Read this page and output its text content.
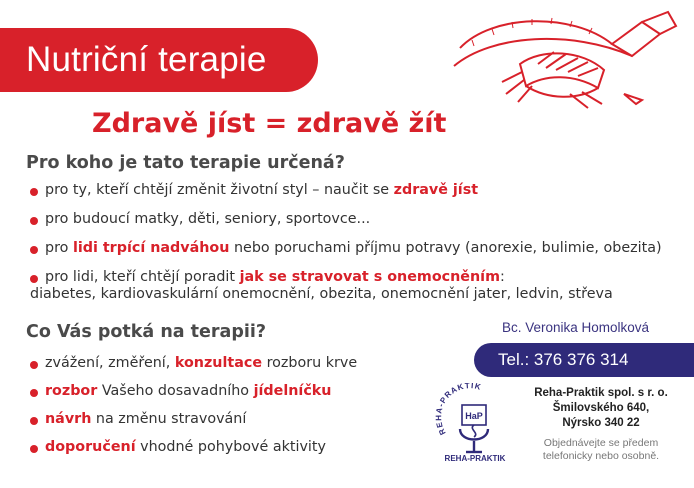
Nutriční terapie
Zdravě jíst = zdravě žít
Pro koho je tato terapie určená?
pro ty, kteří chtějí změnit životní styl – naučit se zdravě jíst
pro budoucí matky, děti, seniory, sportovce...
pro lidi trpící nadváhou nebo poruchami příjmu potravy (anorexie, bulimie, obezita)
pro lidi, kteří chtějí poradit jak se stravovat s onemocněním:
diabetes, kardiovaskulární onemocnění, obezita, onemocnění jater, ledvin, střeva
Co Vás potká na terapii?
zvážení, změření, konzultace rozboru krve
rozbor Vašeho dosavadního jídelníčku
návrh na změnu stravování
doporučení vhodné pohybové aktivity
Bc. Veronika Homolková
Tel.: 376 376 314
REHA-PRAKTIK
HaP
REHA-PRAKTIK
Reha-Praktik spol. s r. o.
Šmilovského 640,
Nýrsko 340 22
Objednávejte se předem
telefonicky nebo osobně.
